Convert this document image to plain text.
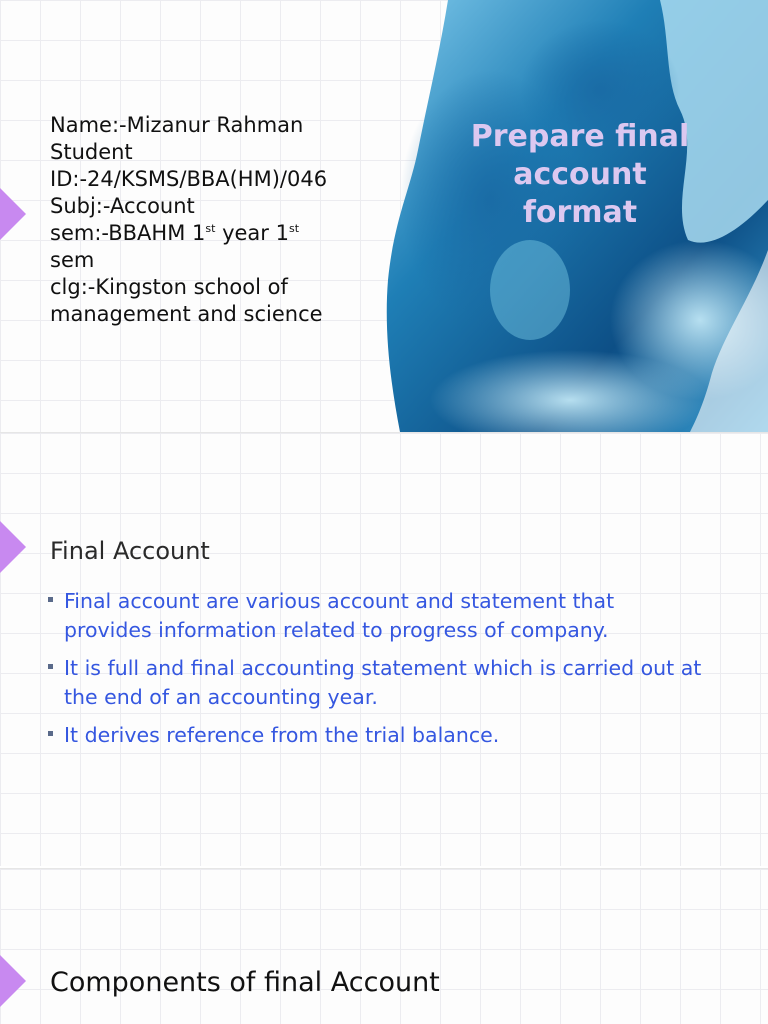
Name:-Mizanur Rahman
Student
ID:-24/KSMS/BBA(HM)/046
Subj:-Account
sem:-BBAHM 1st year 1st
sem
clg:-Kingston school of
management and science
Prepare final
account
format
Final Account
Final account are various account and statement that provides information related to progress of company.
It is full and final accounting statement which is carried out at the end of an accounting year.
It derives reference from the trial balance.
Components of final Account
